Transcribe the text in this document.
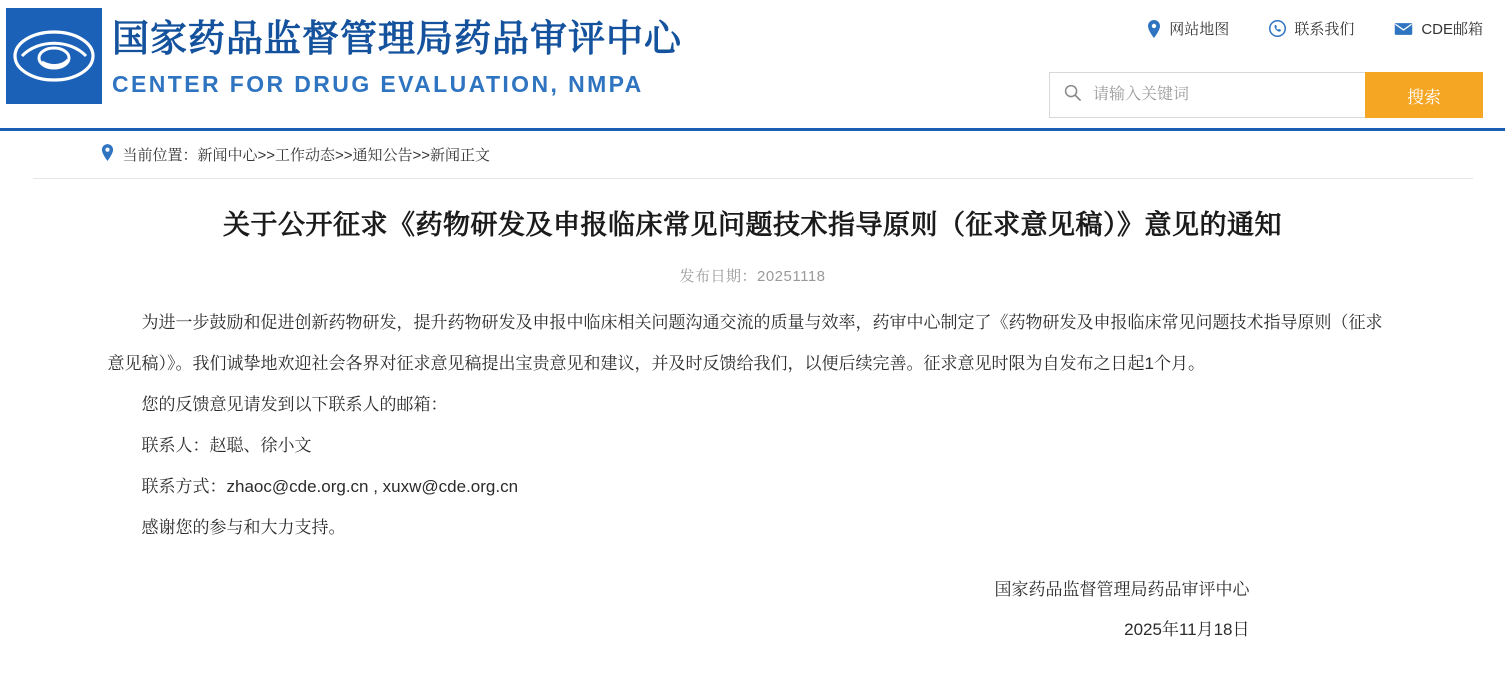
国家药品监督管理局药品审评中心
CENTER FOR DRUG EVALUATION, NMPA
网站地图	联系我们	CDE邮箱
请输入关键词
搜索
当前位置：新闻中心>>工作动态>>通知公告>>新闻正文
关于公开征求《药物研发及申报临床常见问题技术指导原则（征求意见稿）》意见的通知
发布日期：20251118

为进一步鼓励和促进创新药物研发，提升药物研发及申报中临床相关问题沟通交流的质量与效率，药审中心制定了《药物研发及申报临床常见问题技术指导原则（征求意见稿）》。我们诚挚地欢迎社会各界对征求意见稿提出宝贵意见和建议，并及时反馈给我们，以便后续完善。征求意见时限为自发布之日起1个月。

您的反馈意见请发到以下联系人的邮箱：

联系人：赵聪、徐小文

联系方式：zhaoc@cde.org.cn , xuxw@cde.org.cn

感谢您的参与和大力支持。

国家药品监督管理局药品审评中心
2025年11月18日
